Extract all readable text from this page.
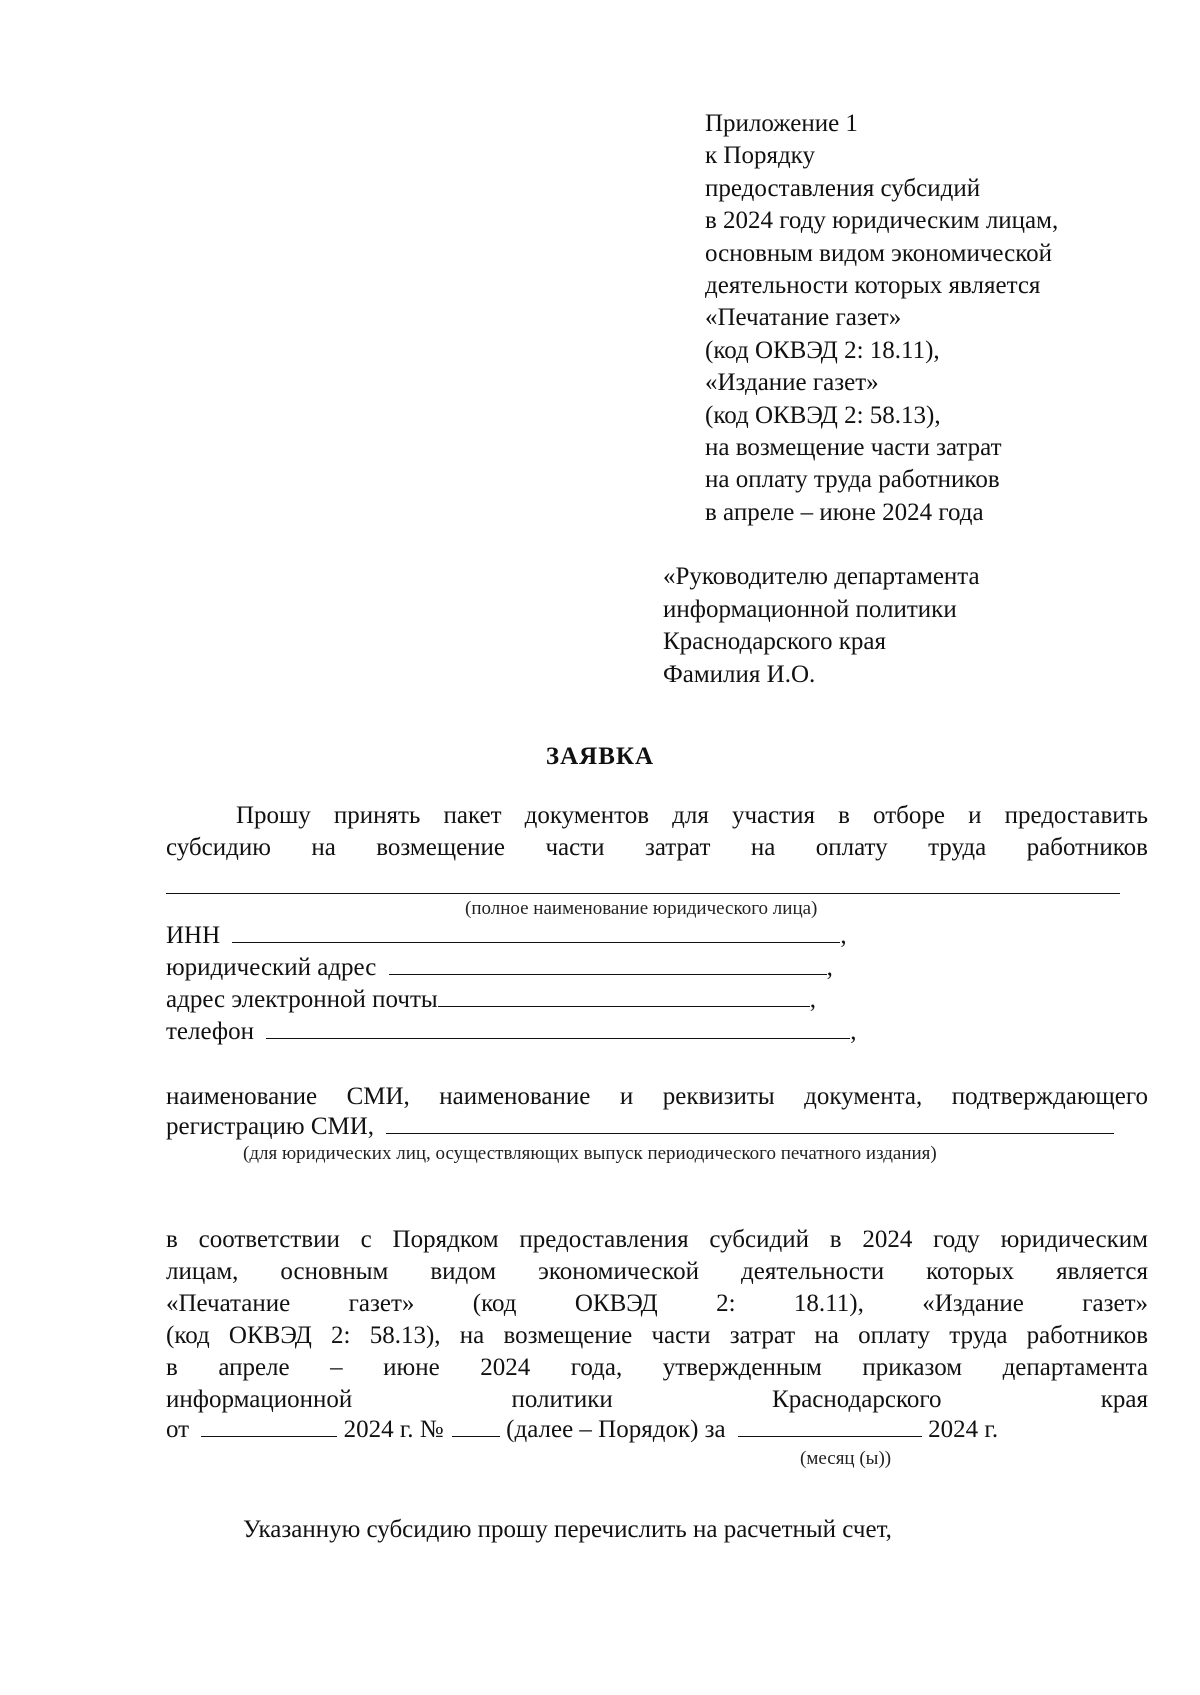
Приложение 1
к Порядку
предоставления субсидий
в 2024 году юридическим лицам,
основным видом экономической
деятельности которых является
«Печатание газет»
(код ОКВЭД 2: 18.11),
«Издание газет»
(код ОКВЭД 2: 58.13),
на возмещение части затрат
на оплату труда работников
в апреле – июне 2024 года
«Руководителю департамента
информационной политики
Краснодарского края
Фамилия И.О.
ЗАЯВКА
Прошу принять пакет документов для участия в отборе и предоставить
субсидию на возмещение части затрат на оплату труда работников
(полное наименование юридического лица)
ИНН	,
юридический адрес	,
адрес электронной почты	,
телефон	,
наименование СМИ, наименование и реквизиты документа, подтверждающего
регистрацию СМИ,
(для юридических лиц, осуществляющих выпуск периодического печатного издания)
в соответствии с Порядком предоставления субсидий в 2024 году юридическим
лицам, основным видом экономической деятельности которых является
«Печатание газет» (код ОКВЭД 2: 18.11), «Издание газет»
(код ОКВЭД 2: 58.13), на возмещение части затрат на оплату труда работников
в апреле – июне 2024 года, утвержденным приказом департамента
информационной политики Краснодарского края
от	2024 г. №	(далее – Порядок) за	2024 г.
(месяц (ы))
Указанную субсидию прошу перечислить на расчетный счет,
